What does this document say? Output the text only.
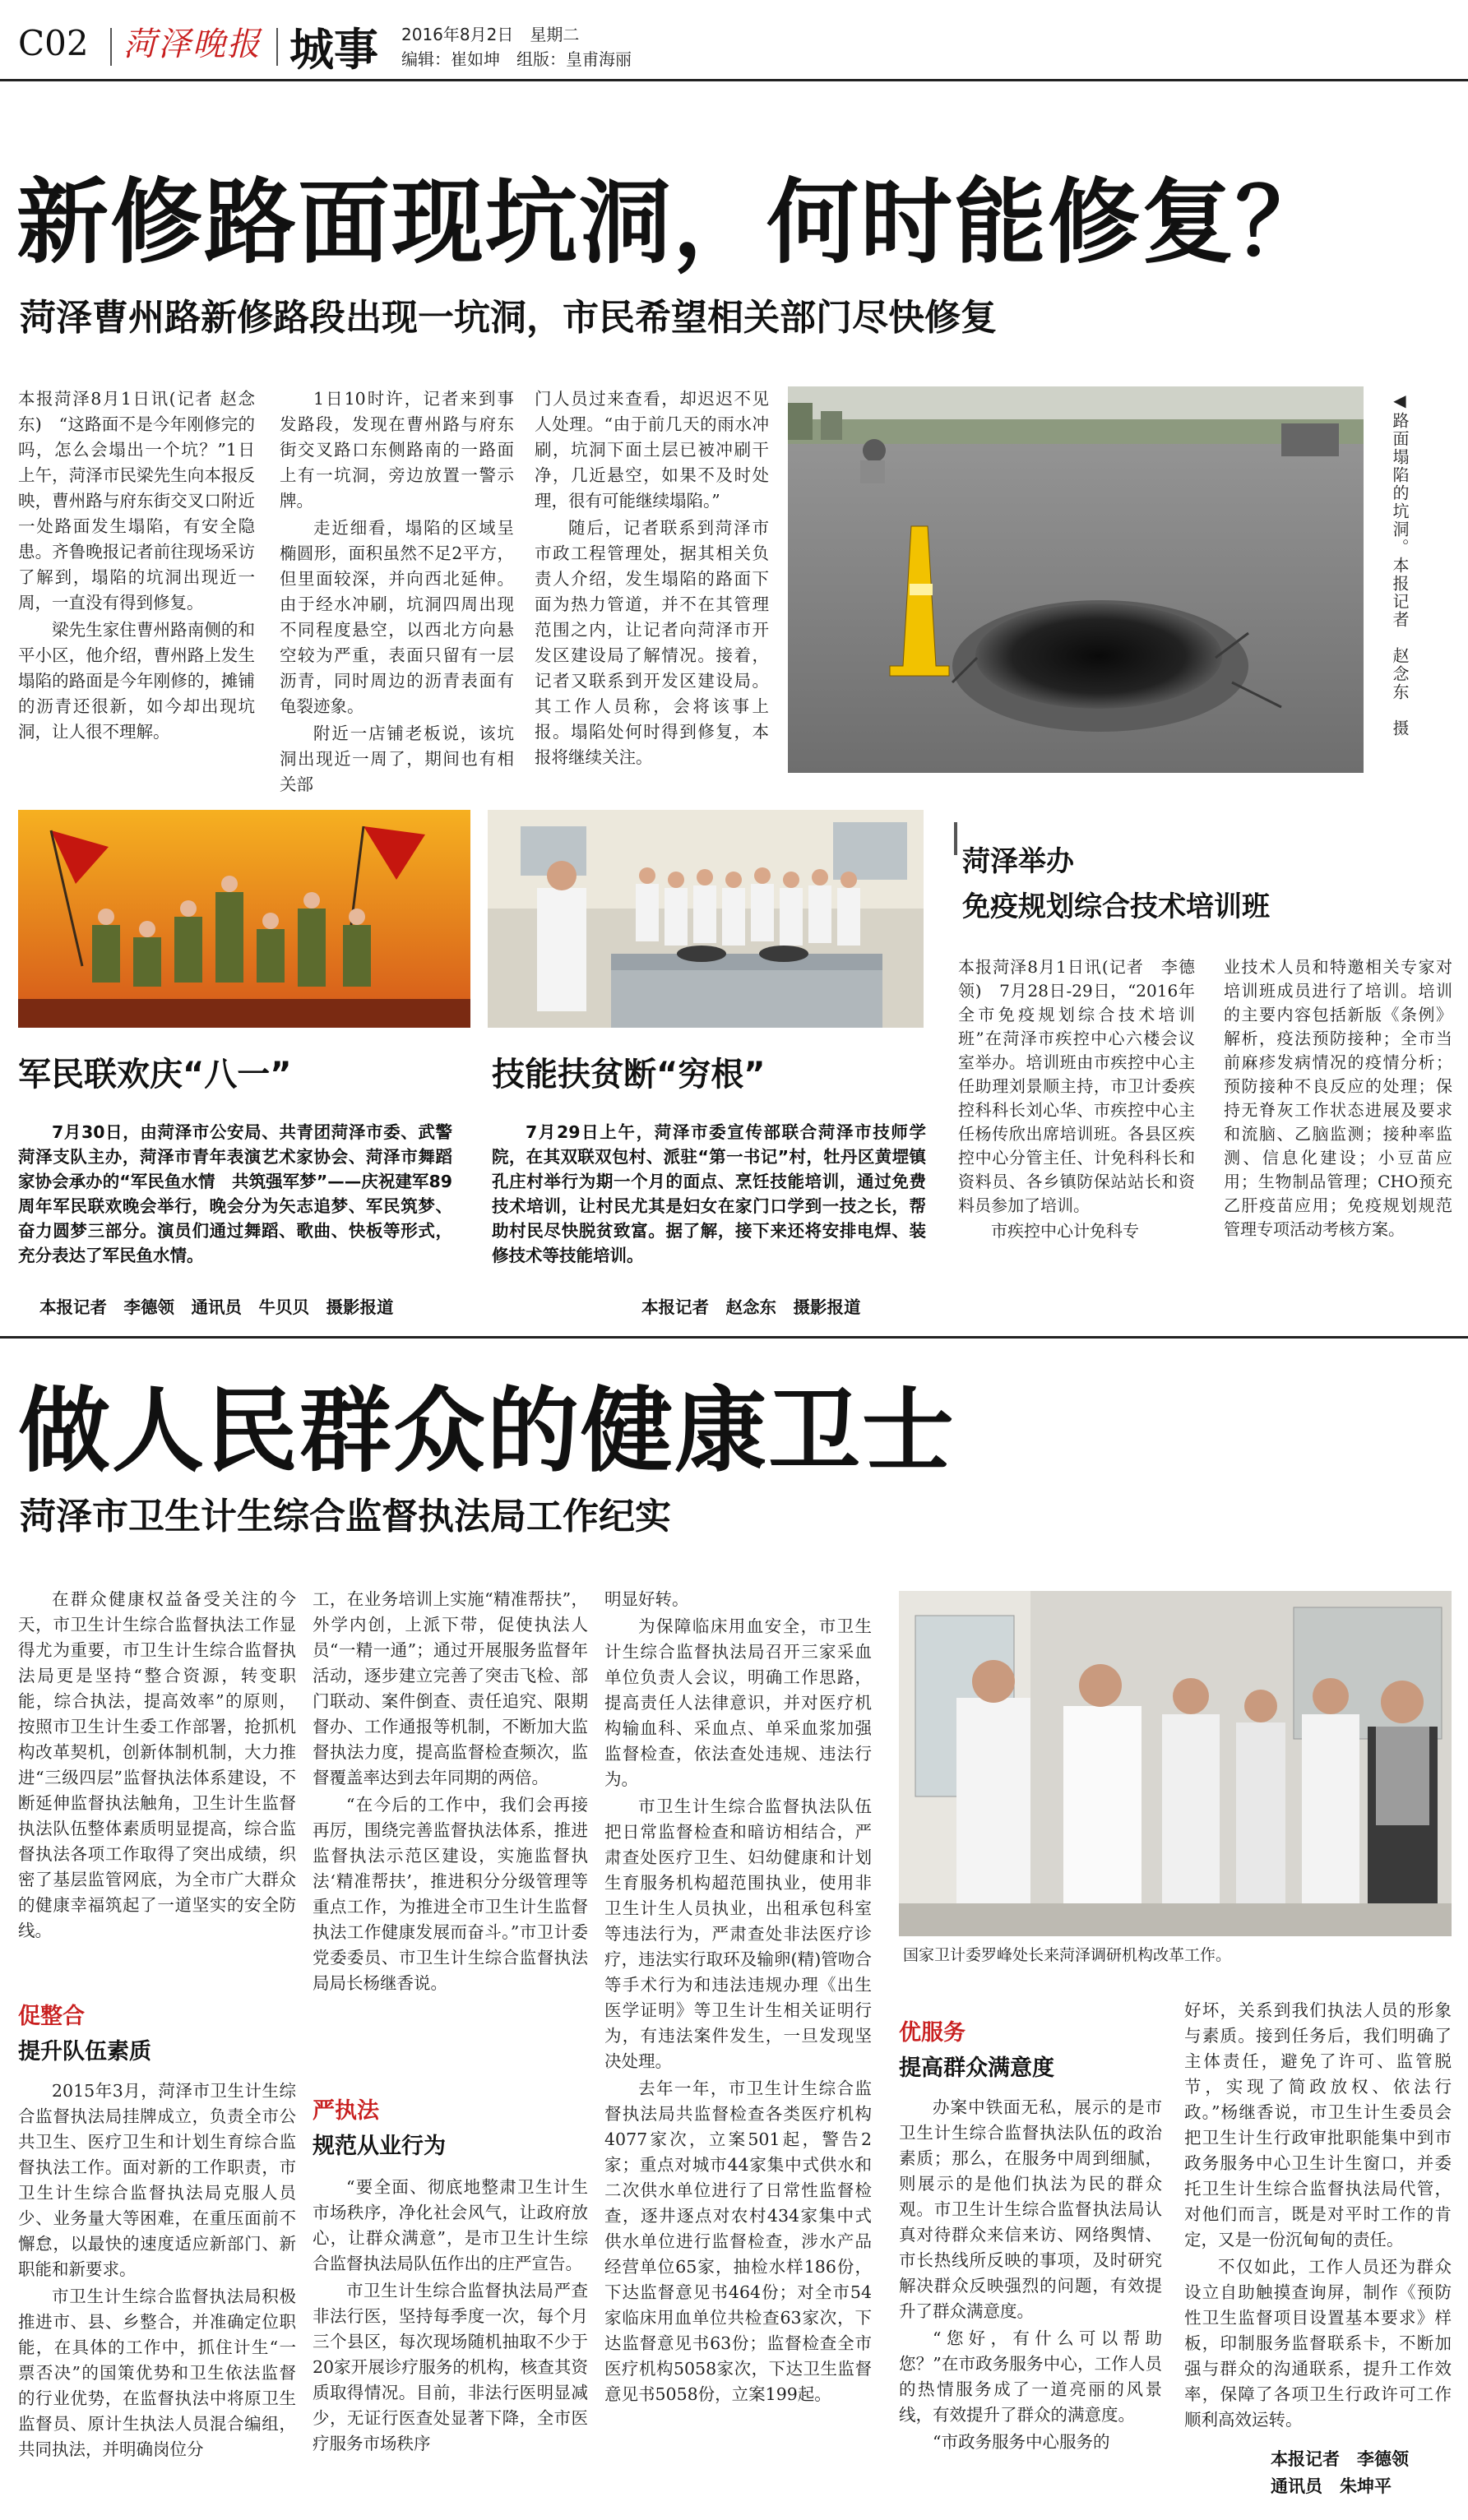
C02 菏泽晚报 城事 2016年8月2日　星期二
编辑：崔如坤　组版：皇甫海丽
新修路面现坑洞，何时能修复？
菏泽曹州路新修路段出现一坑洞，市民希望相关部门尽快修复

本报菏泽8月1日讯(记者 赵念东)　“这路面不是今年刚修完的吗，怎么会塌出一个坑？”1日上午，菏泽市民梁先生向本报反映，曹州路与府东街交叉口附近一处路面发生塌陷，有安全隐患。齐鲁晚报记者前往现场采访了解到，塌陷的坑洞出现近一周，一直没有得到修复。

梁先生家住曹州路南侧的和平小区，他介绍，曹州路上发生塌陷的路面是今年刚修的，摊铺的沥青还很新，如今却出现坑洞，让人很不理解。

1日10时许，记者来到事发路段，发现在曹州路与府东街交叉路口东侧路南的一路面上有一坑洞，旁边放置一警示牌。

走近细看，塌陷的区域呈椭圆形，面积虽然不足2平方，但里面较深，并向西北延伸。由于经水冲刷，坑洞四周出现不同程度悬空，以西北方向悬空较为严重，表面只留有一层沥青，同时周边的沥青表面有龟裂迹象。

附近一店铺老板说，该坑洞出现近一周了，期间也有相关部

门人员过来查看，却迟迟不见人处理。“由于前几天的雨水冲刷，坑洞下面土层已被冲刷干净，几近悬空，如果不及时处理，很有可能继续塌陷。”

随后，记者联系到菏泽市市政工程管理处，据其相关负责人介绍，发生塌陷的路面下面为热力管道，并不在其管理范围之内，让记者向菏泽市开发区建设局了解情况。接着，记者又联系到开发区建设局。其工作人员称，会将该事上报。塌陷处何时得到修复，本报将继续关注。

◀路面塌陷的坑洞。本报记者　赵念东　摄
军民联欢庆“八一”
7月30日，由菏泽市公安局、共青团菏泽市委、武警菏泽支队主办，菏泽市青年表演艺术家协会、菏泽市舞蹈家协会承办的“军民鱼水情　共筑强军梦”——庆祝建军89周年军民联欢晚会举行，晚会分为矢志追梦、军民筑梦、奋力圆梦三部分。演员们通过舞蹈、歌曲、快板等形式，充分表达了军民鱼水情。
本报记者　李德领　通讯员　牛贝贝　摄影报道
技能扶贫断“穷根”
7月29日上午，菏泽市委宣传部联合菏泽市技师学院，在其双联双包村、派驻“第一书记”村，牡丹区黄堽镇孔庄村举行为期一个月的面点、烹饪技能培训，通过免费技术培训，让村民尤其是妇女在家门口学到一技之长，帮助村民尽快脱贫致富。据了解，接下来还将安排电焊、装修技术等技能培训。
本报记者　赵念东　摄影报道
菏泽举办
免疫规划综合技术培训班

本报菏泽8月1日讯(记者　李德领)　7月28日-29日，“2016年全市免疫规划综合技术培训班”在菏泽市疾控中心六楼会议室举办。培训班由市疾控中心主任助理刘景顺主持，市卫计委疾控科科长刘心华、市疾控中心主任杨传欣出席培训班。各县区疾控中心分管主任、计免科科长和资料员、各乡镇防保站站长和资料员参加了培训。

市疾控中心计免科专

业技术人员和特邀相关专家对培训班成员进行了培训。培训的主要内容包括新版《条例》解析，疫法预防接种；全市当前麻疹发病情况的疫情分析；预防接种不良反应的处理；保持无脊灰工作状态进展及要求和流脑、乙脑监测；接种率监测、信息化建设；小豆苗应用；生物制品管理；CHO预充乙肝疫苗应用；免疫规划规范管理专项活动考核方案。

做人民群众的健康卫士
菏泽市卫生计生综合监督执法局工作纪实

在群众健康权益备受关注的今天，市卫生计生综合监督执法工作显得尤为重要，市卫生计生综合监督执法局更是坚持“整合资源，转变职能，综合执法，提高效率”的原则，按照市卫生计生委工作部署，抢抓机构改革契机，创新体制机制，大力推进“三级四层”监督执法体系建设，不断延伸监督执法触角，卫生计生监督执法队伍整体素质明显提高，综合监督执法各项工作取得了突出成绩，织密了基层监管网底，为全市广大群众的健康幸福筑起了一道坚实的安全防线。

促整合
提升队伍素质

2015年3月，菏泽市卫生计生综合监督执法局挂牌成立，负责全市公共卫生、医疗卫生和计划生育综合监督执法工作。面对新的工作职责，市卫生计生综合监督执法局克服人员少、业务量大等困难，在重压面前不懈怠，以最快的速度适应新部门、新职能和新要求。

市卫生计生综合监督执法局积极推进市、县、乡整合，并准确定位职能，在具体的工作中，抓住计生“一票否决”的国策优势和卫生依法监督的行业优势，在监督执法中将原卫生监督员、原计生执法人员混合编组，共同执法，并明确岗位分

工，在业务培训上实施“精准帮扶”，外学内创，上派下带，促使执法人员“一精一通”；通过开展服务监督年活动，逐步建立完善了突击飞检、部门联动、案件倒查、责任追究、限期督办、工作通报等机制，不断加大监督执法力度，提高监督检查频次，监督覆盖率达到去年同期的两倍。

“在今后的工作中，我们会再接再厉，围绕完善监督执法体系，推进监督执法示范区建设，实施监督执法‘精准帮扶’，推进积分分级管理等重点工作，为推进全市卫生计生监督执法工作健康发展而奋斗。”市卫计委党委委员、市卫生计生综合监督执法局局长杨继香说。

严执法
规范从业行为

“要全面、彻底地整肃卫生计生市场秩序，净化社会风气，让政府放心，让群众满意”，是市卫生计生综合监督执法局队伍作出的庄严宣告。

市卫生计生综合监督执法局严查非法行医，坚持每季度一次，每个月三个县区，每次现场随机抽取不少于20家开展诊疗服务的机构，核查其资质取得情况。目前，非法行医明显减少，无证行医查处显著下降，全市医疗服务市场秩序

明显好转。

为保障临床用血安全，市卫生计生综合监督执法局召开三家采血单位负责人会议，明确工作思路，提高责任人法律意识，并对医疗机构输血科、采血点、单采血浆加强监督检查，依法查处违规、违法行为。

市卫生计生综合监督执法队伍把日常监督检查和暗访相结合，严肃查处医疗卫生、妇幼健康和计划生育服务机构超范围执业，使用非卫生计生人员执业，出租承包科室等违法行为，严肃查处非法医疗诊疗，违法实行取环及输卵(精)管吻合等手术行为和违法违规办理《出生医学证明》等卫生计生相关证明行为，有违法案件发生，一旦发现坚决处理。

去年一年，市卫生计生综合监督执法局共监督检查各类医疗机构4077家次，立案501起，警告2家；重点对城市44家集中式供水和二次供水单位进行了日常性监督检查，逐井逐点对农村434家集中式供水单位进行监督检查，涉水产品经营单位65家，抽检水样186份，下达监督意见书464份；对全市54家临床用血单位共检查63家次，下达监督意见书63份；监督检查全市医疗机构5058家次，下达卫生监督意见书5058份，立案199起。

国家卫计委罗峰处长来菏泽调研机构改革工作。
优服务
提高群众满意度

办案中铁面无私，展示的是市卫生计生综合监督执法队伍的政治素质；那么，在服务中周到细腻，则展示的是他们执法为民的群众观。市卫生计生综合监督执法局认真对待群众来信来访、网络舆情、市长热线所反映的事项，及时研究解决群众反映强烈的问题，有效提升了群众满意度。

“您好，有什么可以帮助您？”在市政务服务中心，工作人员的热情服务成了一道亮丽的风景线，有效提升了群众的满意度。

“市政务服务中心服务的

好坏，关系到我们执法人员的形象与素质。接到任务后，我们明确了主体责任，避免了许可、监管脱节，实现了简政放权、依法行政。”杨继香说，市卫生计生委员会把卫生计生行政审批职能集中到市政务服务中心卫生计生窗口，并委托卫生计生综合监督执法局代管，对他们而言，既是对平时工作的肯定，又是一份沉甸甸的责任。

不仅如此，工作人员还为群众设立自助触摸查询屏，制作《预防性卫生监督项目设置基本要求》样板，印制服务监督联系卡，不断加强与群众的沟通联系，提升工作效率，保障了各项卫生行政许可工作顺利高效运转。

本报记者　李德领
通讯员　朱坤平
